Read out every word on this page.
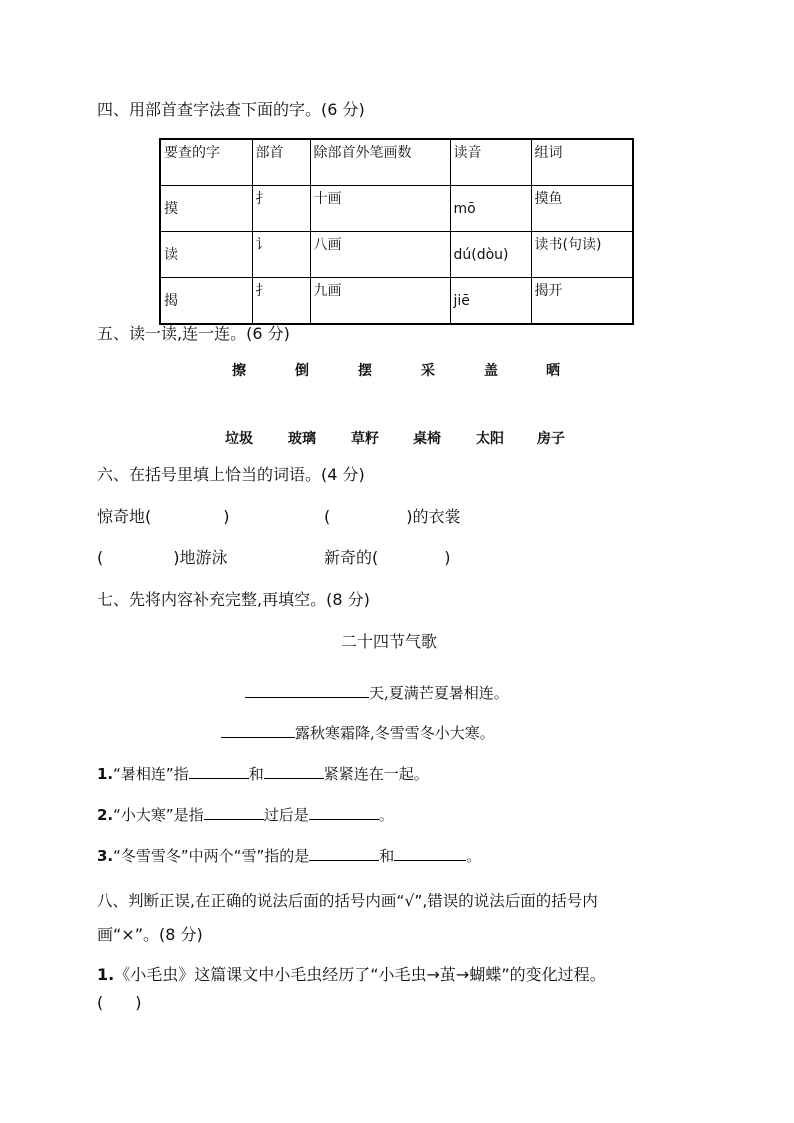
四、用部首查字法查下面的字。(6 分)
要查的字	部首	除部首外笔画数	读音	组词
摸	扌	十画	mō	摸鱼
读	讠	八画	dú(dòu)	读书(句读)
揭	扌	九画	jiē	揭开
五、读一读,连一连。(6 分)
擦	倒	摆	采	盖	晒
垃圾	玻璃	草籽 桌椅	太阳 房子
六、在括号里填上恰当的词语。(4 分)
惊奇地(	)	(	)的衣裳
(	)地游泳	新奇的(	)
七、先将内容补充完整,再填空。(8 分)
二十四节气歌
天,夏满芒夏暑相连。
露秋寒霜降,冬雪雪冬小大寒。
1.“暑相连”指	和	紧紧连在一起。
2.“小大寒”是指	过后是	。
3.“冬雪雪冬”中两个“雪”指的是	和	。
八、判断正误,在正确的说法后面的括号内画“√”,错误的说法后面的括号内
画“×”。(8 分)
1.《小毛虫》这篇课文中小毛虫经历了“小毛虫→茧→蝴蝶”的变化过程。
(　　)
